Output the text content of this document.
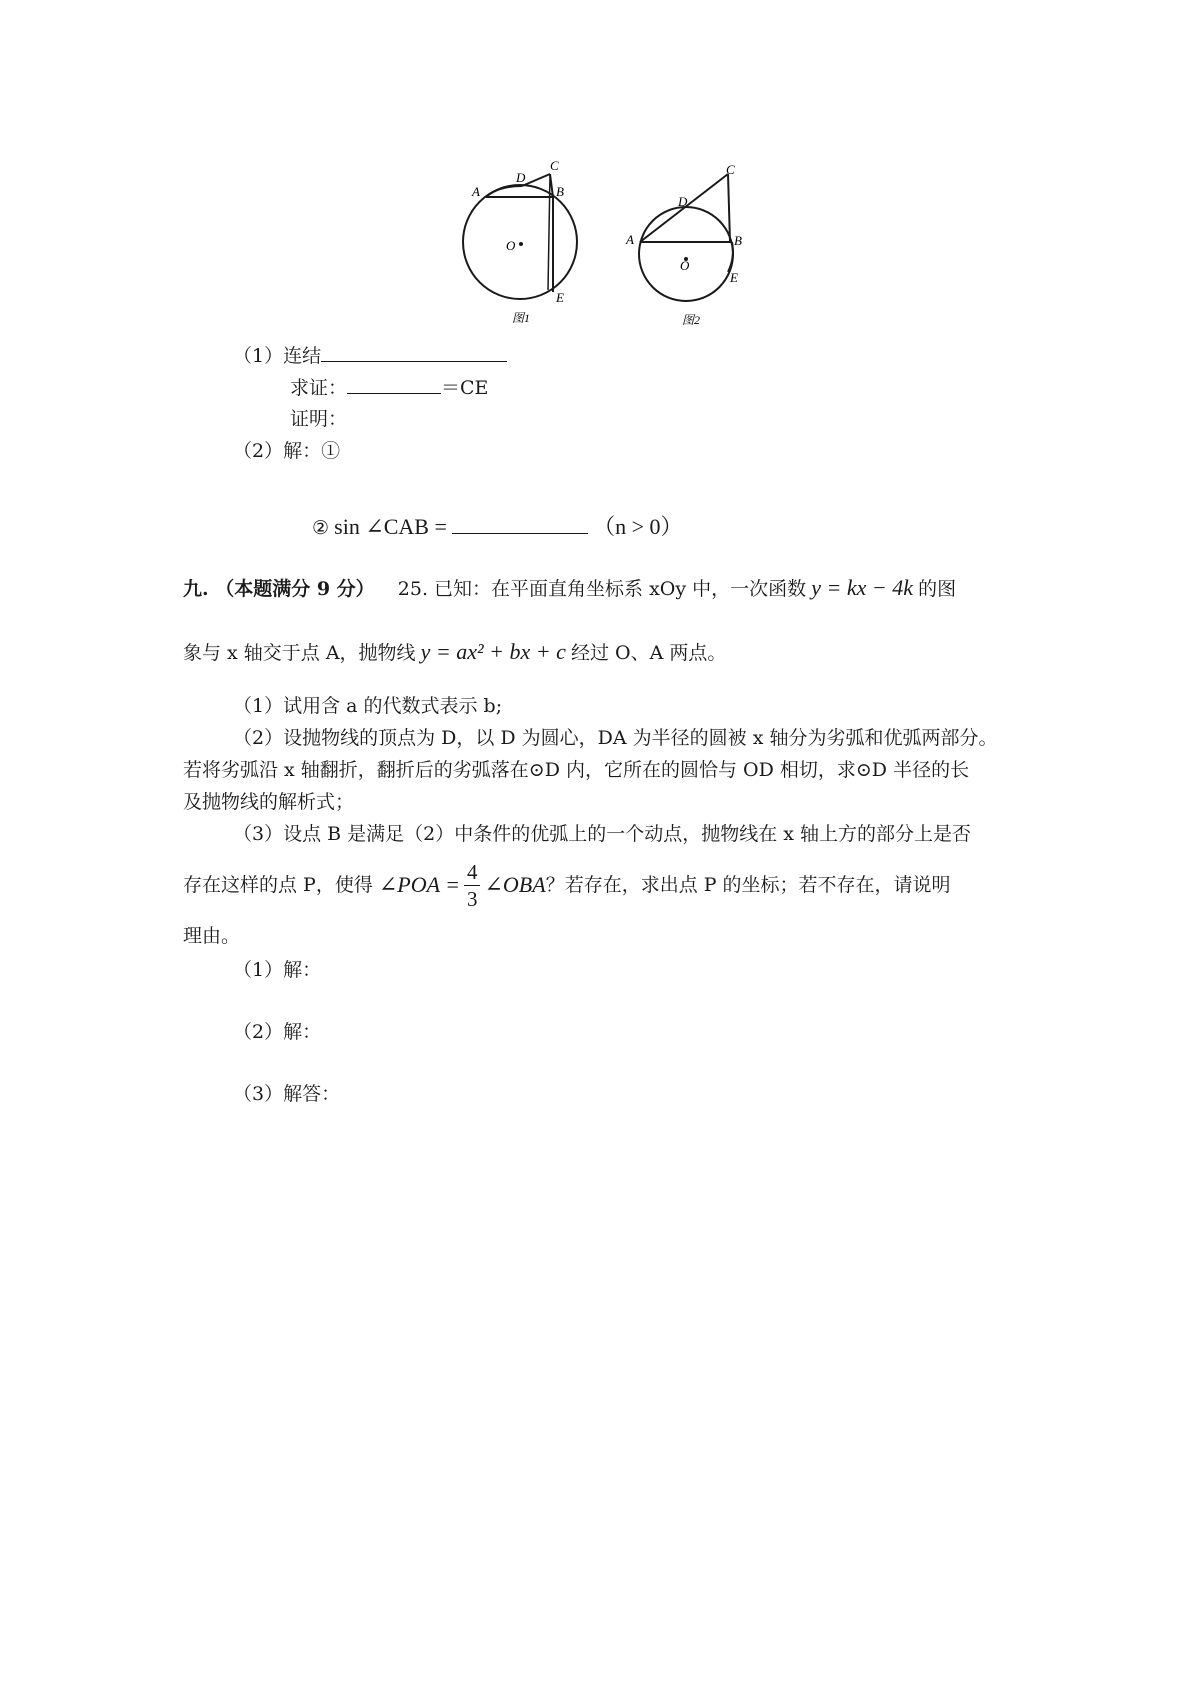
A
D
C
B
O
E
图1
A
D
C
B
O
E
图2
（1）连结
求证：	＝CE
证明：
（2）解：①
② sin ∠CAB =	（n > 0）
九. （本题满分 9 分） 25. 已知：在平面直角坐标系 xOy 中，一次函数 y = kx − 4k 的图
象与 x 轴交于点 A，抛物线 y = ax² + bx + c 经过 O、A 两点。
（1）试用含 a 的代数式表示 b;
（2）设抛物线的顶点为 D，以 D 为圆心，DA 为半径的圆被 x 轴分为劣弧和优弧两部分。
若将劣弧沿 x 轴翻折，翻折后的劣弧落在⊙D 内，它所在的圆恰与 OD 相切，求⊙D 半径的长
及抛物线的解析式；
（3）设点 B 是满足（2）中条件的优弧上的一个动点，抛物线在 x 轴上方的部分上是否
存在这样的点 P，使得 ∠POA = $\frac{4}{3}$ ∠OBA ？若存在，求出点 P 的坐标；若不存在，请说明
理由。
（1）解：
（2）解：
（3）解答：
